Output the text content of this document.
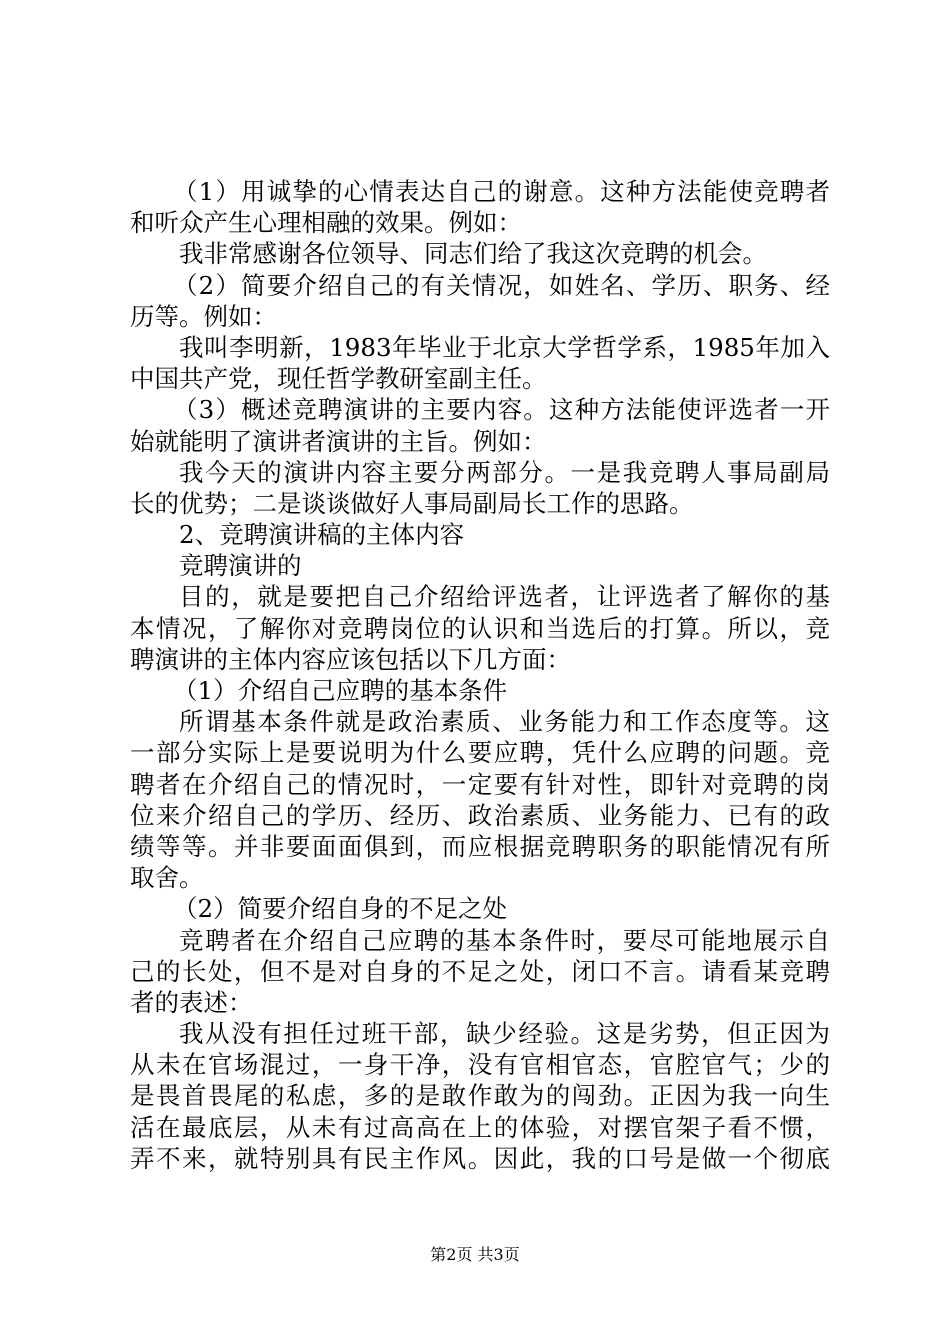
（1）用诚挚的心情表达自己的谢意。这种方法能使竞聘者
和听众产生心理相融的效果。例如：
我非常感谢各位领导、同志们给了我这次竞聘的机会。
（2）简要介绍自己的有关情况，如姓名、学历、职务、经
历等。例如：
我叫李明新，1983年毕业于北京大学哲学系，1985年加入
中国共产党，现任哲学教研室副主任。
（3）概述竞聘演讲的主要内容。这种方法能使评选者一开
始就能明了演讲者演讲的主旨。例如：
我今天的演讲内容主要分两部分。一是我竞聘人事局副局
长的优势；二是谈谈做好人事局副局长工作的思路。
2、竞聘演讲稿的主体内容
竞聘演讲的
目的，就是要把自己介绍给评选者，让评选者了解你的基
本情况，了解你对竞聘岗位的认识和当选后的打算。所以，竞
聘演讲的主体内容应该包括以下几方面：
（1）介绍自己应聘的基本条件
所谓基本条件就是政治素质、业务能力和工作态度等。这
一部分实际上是要说明为什么要应聘，凭什么应聘的问题。竞
聘者在介绍自己的情况时，一定要有针对性，即针对竞聘的岗
位来介绍自己的学历、经历、政治素质、业务能力、已有的政
绩等等。并非要面面俱到，而应根据竞聘职务的职能情况有所
取舍。
（2）简要介绍自身的不足之处
竞聘者在介绍自己应聘的基本条件时，要尽可能地展示自
己的长处，但不是对自身的不足之处，闭口不言。请看某竞聘
者的表述：
我从没有担任过班干部，缺少经验。这是劣势，但正因为
从未在官场混过，一身干净，没有官相官态，官腔官气；少的
是畏首畏尾的私虑，多的是敢作敢为的闯劲。正因为我一向生
活在最底层，从未有过高高在上的体验，对摆官架子看不惯，
弄不来，就特别具有民主作风。因此，我的口号是做一个彻底
第2页 共3页
